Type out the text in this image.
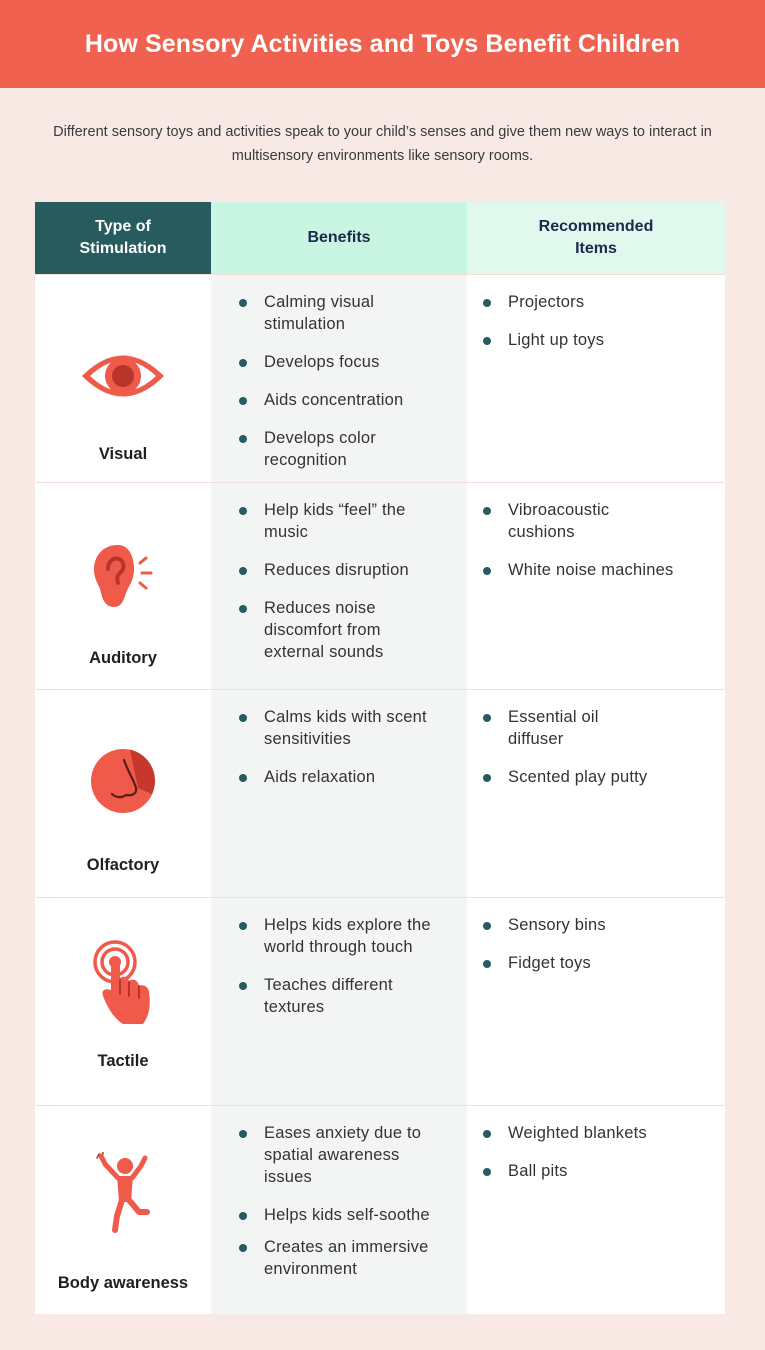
How Sensory Activities and Toys Benefit Children
Different sensory toys and activities speak to your child’s senses and give them new ways to interact in multisensory environments like sensory rooms.
Type of Stimulation
Benefits
Recommended Items
Visual
Calming visual stimulation
Develops focus
Aids concentration
Develops color recognition
Projectors
Light up toys
Auditory
Help kids “feel” the music
Reduces disruption
Reduces noise discomfort from external sounds
Vibroacoustic cushions
White noise machines
Olfactory
Calms kids with scent sensitivities
Aids relaxation
Essential oil diffuser
Scented play putty
Tactile
Helps kids explore the world through touch
Teaches different textures
Sensory bins
Fidget toys
Body awareness
Eases anxiety due to spatial awareness issues
Helps kids self-soothe
Creates an immersive environment
Weighted blankets
Ball pits
